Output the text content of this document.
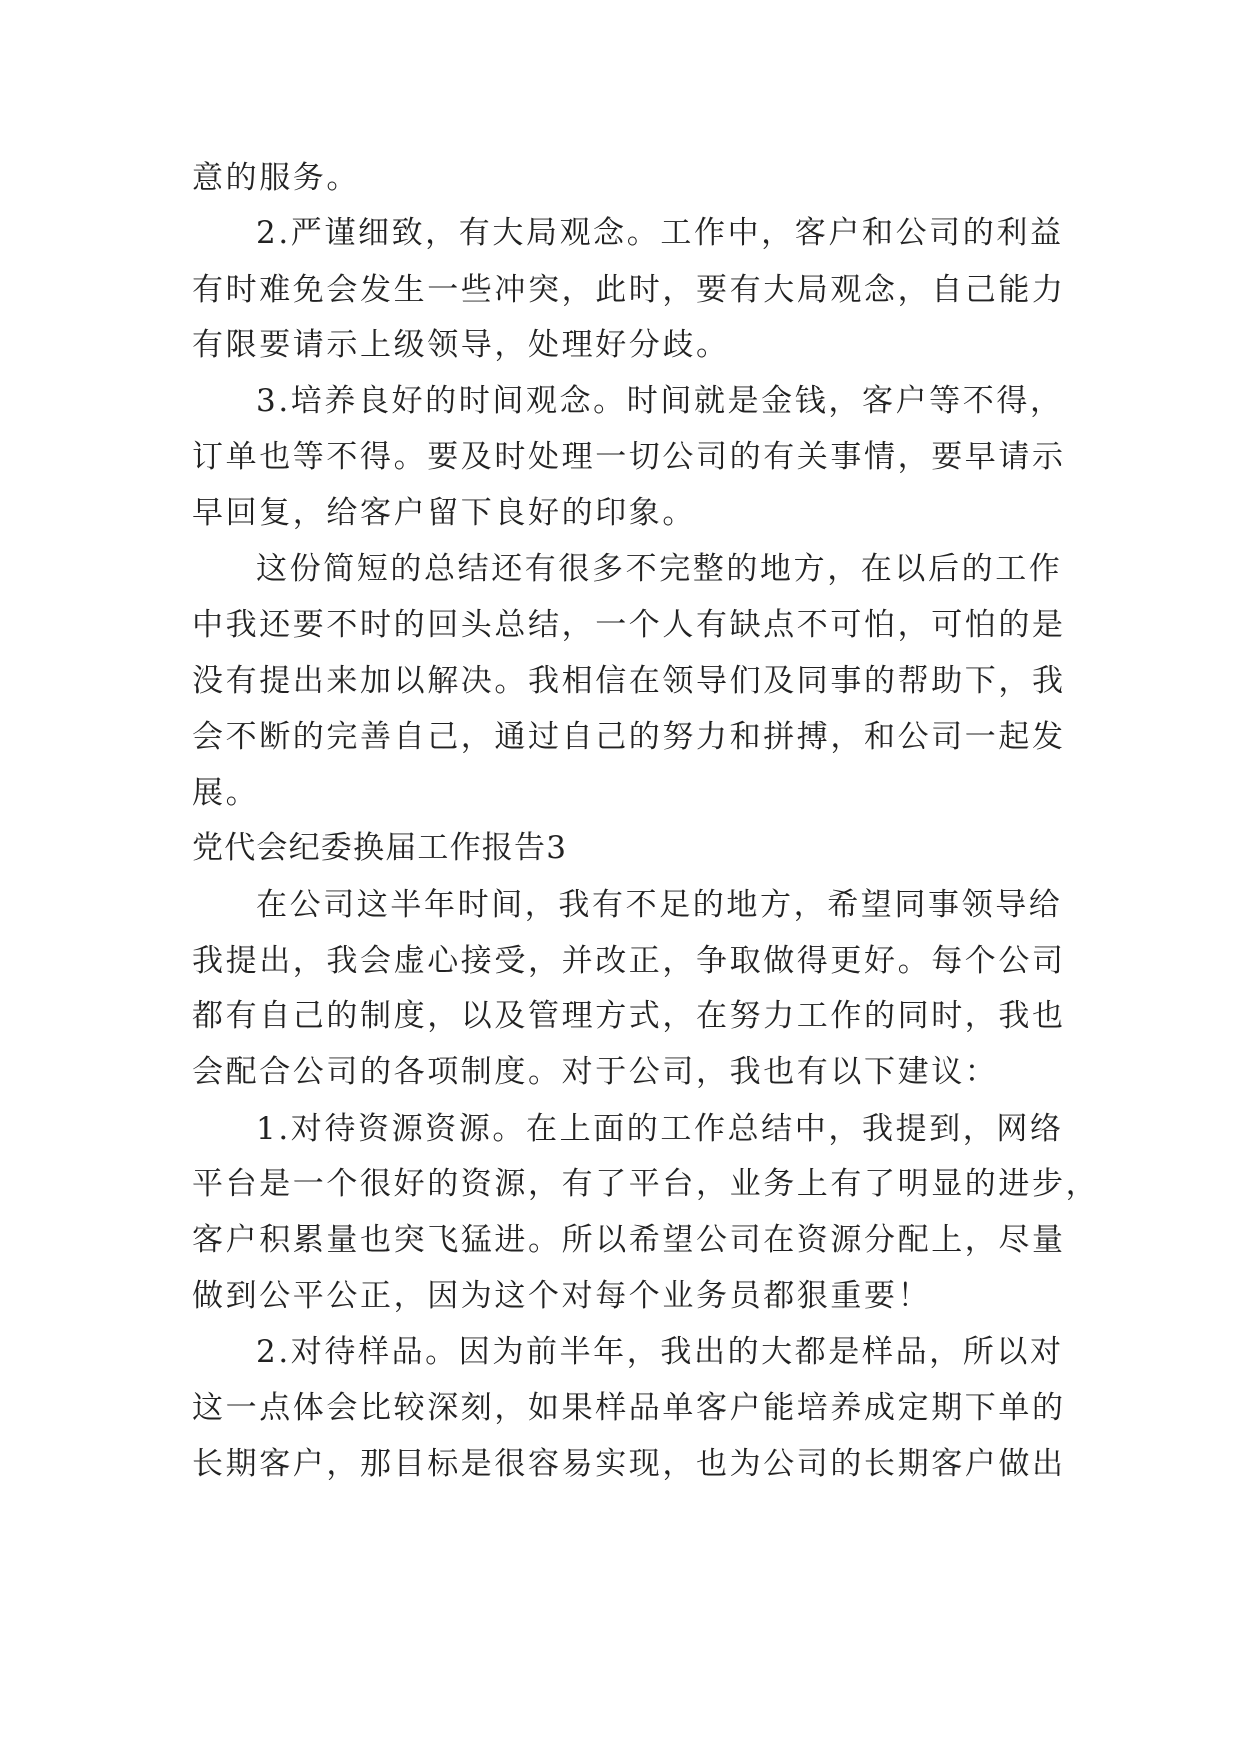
意的服务。
2.严谨细致，有大局观念。工作中，客户和公司的利益
有时难免会发生一些冲突，此时，要有大局观念，自己能力
有限要请示上级领导，处理好分歧。
3.培养良好的时间观念。时间就是金钱，客户等不得，
订单也等不得。要及时处理一切公司的有关事情，要早请示
早回复，给客户留下良好的印象。
这份简短的总结还有很多不完整的地方，在以后的工作
中我还要不时的回头总结，一个人有缺点不可怕，可怕的是
没有提出来加以解决。我相信在领导们及同事的帮助下，我
会不断的完善自己，通过自己的努力和拼搏，和公司一起发
展。
党代会纪委换届工作报告3
在公司这半年时间，我有不足的地方，希望同事领导给
我提出，我会虚心接受，并改正，争取做得更好。每个公司
都有自己的制度，以及管理方式，在努力工作的同时，我也
会配合公司的各项制度。对于公司，我也有以下建议：
1.对待资源资源。在上面的工作总结中，我提到，网络
平台是一个很好的资源，有了平台，业务上有了明显的进步，
客户积累量也突飞猛进。所以希望公司在资源分配上，尽量
做到公平公正，因为这个对每个业务员都狠重要！
2.对待样品。因为前半年，我出的大都是样品，所以对
这一点体会比较深刻，如果样品单客户能培养成定期下单的
长期客户，那目标是很容易实现，也为公司的长期客户做出
